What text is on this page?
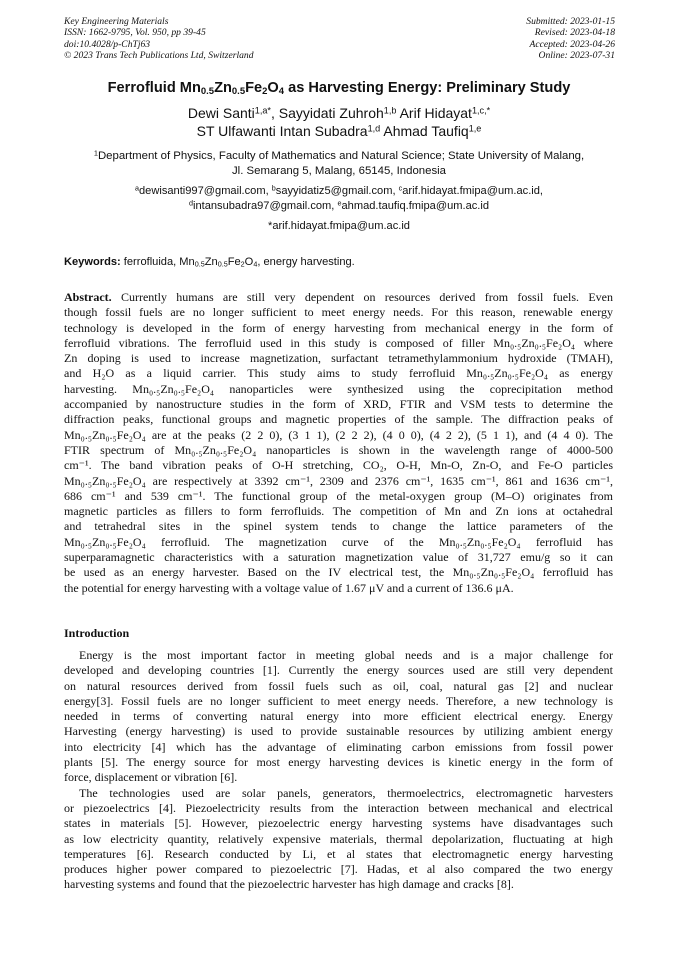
Key Engineering Materials
ISSN: 1662-9795, Vol. 950, pp 39-45
doi:10.4028/p-ChTj63
© 2023 Trans Tech Publications Ltd, Switzerland
Submitted: 2023-01-15
Revised: 2023-04-18
Accepted: 2023-04-26
Online: 2023-07-31
Ferrofluid $Mn_{0.5}Zn_{0.5}Fe_2O_4$ as Harvesting Energy: Preliminary Study
Dewi Santi$^{1,a*}$, Sayyidati Zuhroh$^{1,b}$ Arif Hidayat$^{1,c,*}$
ST Ulfawanti Intan Subadra$^{1,d}$ Ahmad Taufiq$^{1,e}$
$^1$Department of Physics, Faculty of Mathematics and Natural Science; State University of Malang,
Jl. Semarang 5, Malang, 65145, Indonesia
$^a$dewisanti997@gmail.com, $^b$sayyidatiz5@gmail.com, $^c$arif.hidayat.fmipa@um.ac.id,
$^d$intansubadra97@gmail.com, $^e$ahmad.taufiq.fmipa@um.ac.id
*arif.hidayat.fmipa@um.ac.id
Keywords: ferrofluida, $Mn_{0.5}Zn_{0.5}Fe_2O_4$, energy harvesting.
Abstract. Currently humans are still very dependent on resources derived from fossil fuels. Even
though fossil fuels are no longer sufficient to meet energy needs. For this reason, renewable energy
technology is developed in the form of energy harvesting from mechanical energy in the form of
ferrofluid vibrations. The ferrofluid used in this study is composed of filler Mn₀.₅Zn₀.₅Fe₂O₄ where
Zn doping is used to increase magnetization, surfactant tetramethylammonium hydroxide (TMAH),
and H₂O as a liquid carrier. This study aims to study ferrofluid Mn₀.₅Zn₀.₅Fe₂O₄ as energy
harvesting. Mn₀.₅Zn₀.₅Fe₂O₄ nanoparticles were synthesized using the coprecipitation method
accompanied by nanostructure studies in the form of XRD, FTIR and VSM tests to determine the
diffraction peaks, functional groups and magnetic properties of the sample. The diffraction peaks of
Mn₀.₅Zn₀.₅Fe₂O₄ are at the peaks (2 2 0), (3 1 1), (2 2 2), (4 0 0), (4 2 2), (5 1 1), and (4 4 0). The
FTIR spectrum of Mn₀.₅Zn₀.₅Fe₂O₄ nanoparticles is shown in the wavelength range of 4000-500
cm⁻¹. The band vibration peaks of O-H stretching, CO₂, O-H, Mn-O, Zn-O, and Fe-O particles
Mn₀.₅Zn₀.₅Fe₂O₄ are respectively at 3392 cm⁻¹, 2309 and 2376 cm⁻¹, 1635 cm⁻¹, 861 and 1636 cm⁻¹,
686 cm⁻¹ and 539 cm⁻¹. The functional group of the metal-oxygen group (M–O) originates from
magnetic particles as fillers to form ferrofluids. The competition of Mn and Zn ions at octahedral
and tetrahedral sites in the spinel system tends to change the lattice parameters of the
Mn₀.₅Zn₀.₅Fe₂O₄ ferrofluid. The magnetization curve of the Mn₀.₅Zn₀.₅Fe₂O₄ ferrofluid has
superparamagnetic characteristics with a saturation magnetization value of 31,727 emu/g so it can
be used as an energy harvester. Based on the IV electrical test, the Mn₀.₅Zn₀.₅Fe₂O₄ ferrofluid has
the potential for energy harvesting with a voltage value of 1.67 μV and a current of 136.6 μA.
Introduction
Energy is the most important factor in meeting global needs and is a major challenge for
developed and developing countries [1]. Currently the energy sources used are still very dependent
on natural resources derived from fossil fuels such as oil, coal, natural gas [2] and nuclear
energy[3]. Fossil fuels are no longer sufficient to meet energy needs. Therefore, a new technology is
needed in terms of converting natural energy into more efficient electrical energy. Energy
Harvesting (energy harvesting) is used to provide sustainable resources by utilizing ambient energy
into electricity [4] which has the advantage of eliminating carbon emissions from fossil power
plants [5]. The energy source for most energy harvesting devices is kinetic energy in the form of
force, displacement or vibration [6].
The technologies used are solar panels, generators, thermoelectrics, electromagnetic harvesters
or piezoelectrics [4]. Piezoelectricity results from the interaction between mechanical and electrical
states in materials [5]. However, piezoelectric energy harvesting systems have disadvantages such
as low electricity quantity, relatively expensive materials, thermal depolarization, fluctuating at high
temperatures [6]. Research conducted by Li, et al states that electromagnetic energy harvesting
produces higher power compared to piezoelectric [7]. Hadas, et al also compared the two energy
harvesting systems and found that the piezoelectric harvester has high damage and cracks [8].
